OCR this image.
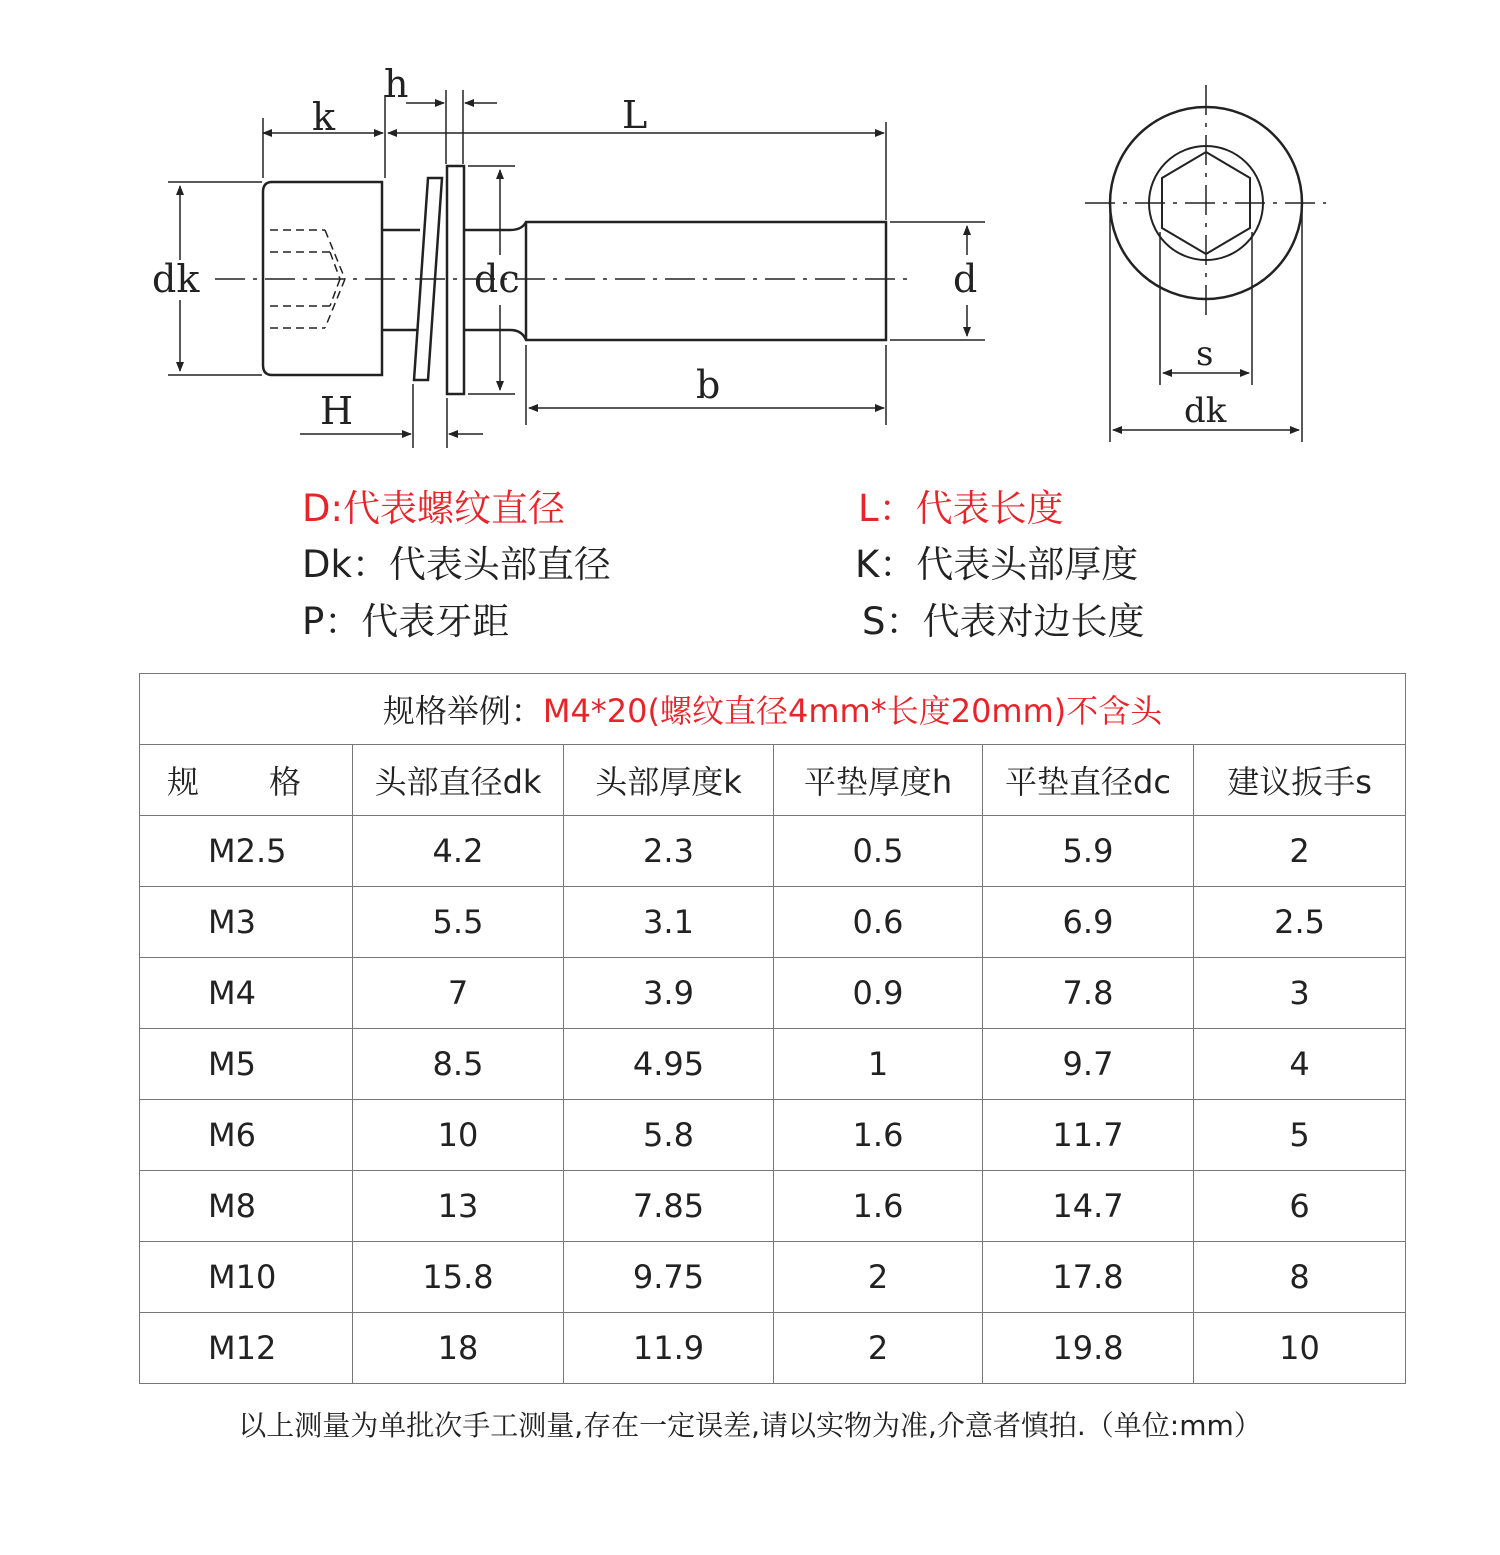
k
h
L
dk	dc	d
H
b
s
dk
D:代表螺纹直径	L：代表长度
Dk：代表头部直径	K：代表头部厚度
P：代表牙距	S：代表对边长度
规格举例：M4*20(螺纹直径4mm*长度20mm)不含头					
规 格	头部直径dk	头部厚度k	平垫厚度h	平垫直径dc	建议扳手s
M2.5	4.2	2.3	0.5	5.9	2
M3	5.5	3.1	0.6	6.9	2.5
M4	7	3.9	0.9	7.8	3
M5	8.5	4.95	1	9.7	4
M6	10	5.8	1.6	11.7	5
M8	13	7.85	1.6	14.7	6
M10	15.8	9.75	2	17.8	8
M12	18	11.9	2	19.8	10
以上测量为单批次手工测量,存在一定误差,请以实物为准,介意者慎拍.（单位:mm）
